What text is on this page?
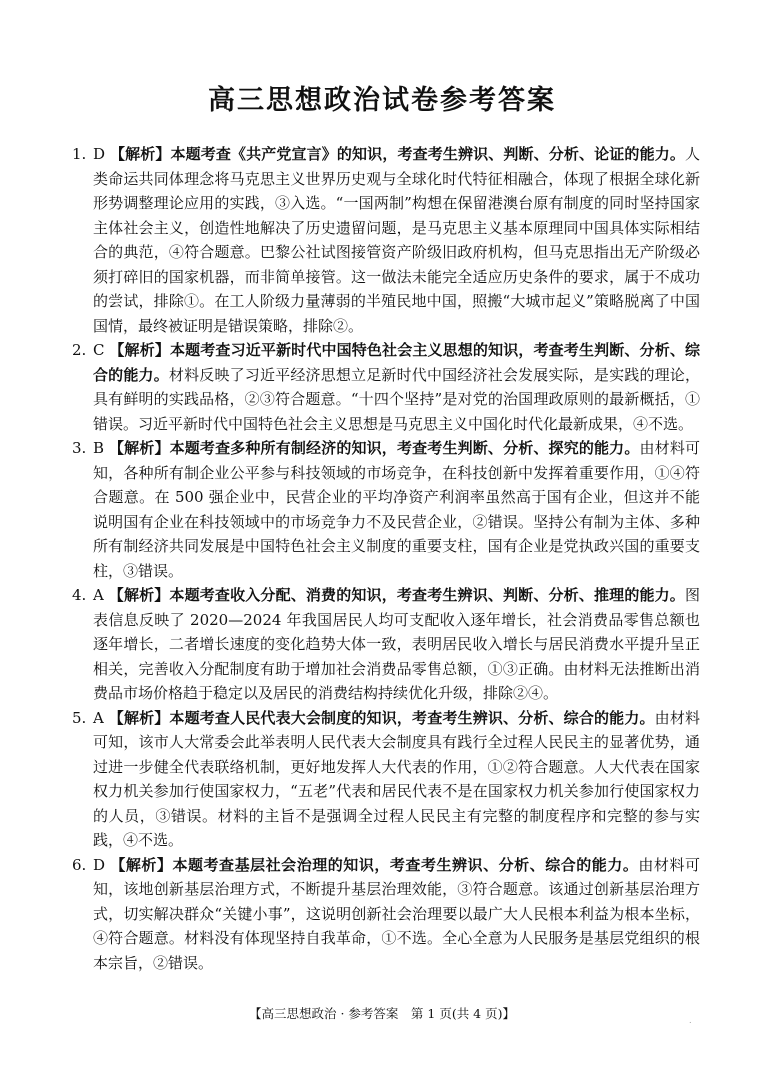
高三思想政治试卷参考答案
1. D 【解析】本题考查《共产党宣言》的知识，考查考生辨识、判断、分析、论证的能力。人类命运共同体理念将马克思主义世界历史观与全球化时代特征相融合，体现了根据全球化新形势调整理论应用的实践，③入选。“一国两制”构想在保留港澳台原有制度的同时坚持国家主体社会主义，创造性地解决了历史遗留问题，是马克思主义基本原理同中国具体实际相结合的典范，④符合题意。巴黎公社试图接管资产阶级旧政府机构，但马克思指出无产阶级必须打碎旧的国家机器，而非简单接管。这一做法未能完全适应历史条件的要求，属于不成功的尝试，排除①。在工人阶级力量薄弱的半殖民地中国，照搬“大城市起义”策略脱离了中国国情，最终被证明是错误策略，排除②。
2. C 【解析】本题考查习近平新时代中国特色社会主义思想的知识，考查考生判断、分析、综合的能力。材料反映了习近平经济思想立足新时代中国经济社会发展实际，是实践的理论，具有鲜明的实践品格，②③符合题意。“十四个坚持”是对党的治国理政原则的最新概括，①错误。习近平新时代中国特色社会主义思想是马克思主义中国化时代化最新成果，④不选。
3. B 【解析】本题考查多种所有制经济的知识，考查考生判断、分析、探究的能力。由材料可知，各种所有制企业公平参与科技领域的市场竞争，在科技创新中发挥着重要作用，①④符合题意。在 500 强企业中，民营企业的平均净资产利润率虽然高于国有企业，但这并不能说明国有企业在科技领域中的市场竞争力不及民营企业，②错误。坚持公有制为主体、多种所有制经济共同发展是中国特色社会主义制度的重要支柱，国有企业是党执政兴国的重要支柱，③错误。
4. A 【解析】本题考查收入分配、消费的知识，考查考生辨识、判断、分析、推理的能力。图表信息反映了 2020—2024 年我国居民人均可支配收入逐年增长，社会消费品零售总额也逐年增长，二者增长速度的变化趋势大体一致，表明居民收入增长与居民消费水平提升呈正相关，完善收入分配制度有助于增加社会消费品零售总额，①③正确。由材料无法推断出消费品市场价格趋于稳定以及居民的消费结构持续优化升级，排除②④。
5. A 【解析】本题考查人民代表大会制度的知识，考查考生辨识、分析、综合的能力。由材料可知，该市人大常委会此举表明人民代表大会制度具有践行全过程人民民主的显著优势，通过进一步健全代表联络机制，更好地发挥人大代表的作用，①②符合题意。人大代表在国家权力机关参加行使国家权力，“五老”代表和居民代表不是在国家权力机关参加行使国家权力的人员，③错误。材料的主旨不是强调全过程人民民主有完整的制度程序和完整的参与实践，④不选。
6. D 【解析】本题考查基层社会治理的知识，考查考生辨识、分析、综合的能力。由材料可知，该地创新基层治理方式，不断提升基层治理效能，③符合题意。该通过创新基层治理方式，切实解决群众“关键小事”，这说明创新社会治理要以最广大人民根本利益为根本坐标，④符合题意。材料没有体现坚持自我革命，①不选。全心全意为人民服务是基层党组织的根本宗旨，②错误。
【高三思想政治 · 参考答案　第 1 页(共 4 页)】	.
